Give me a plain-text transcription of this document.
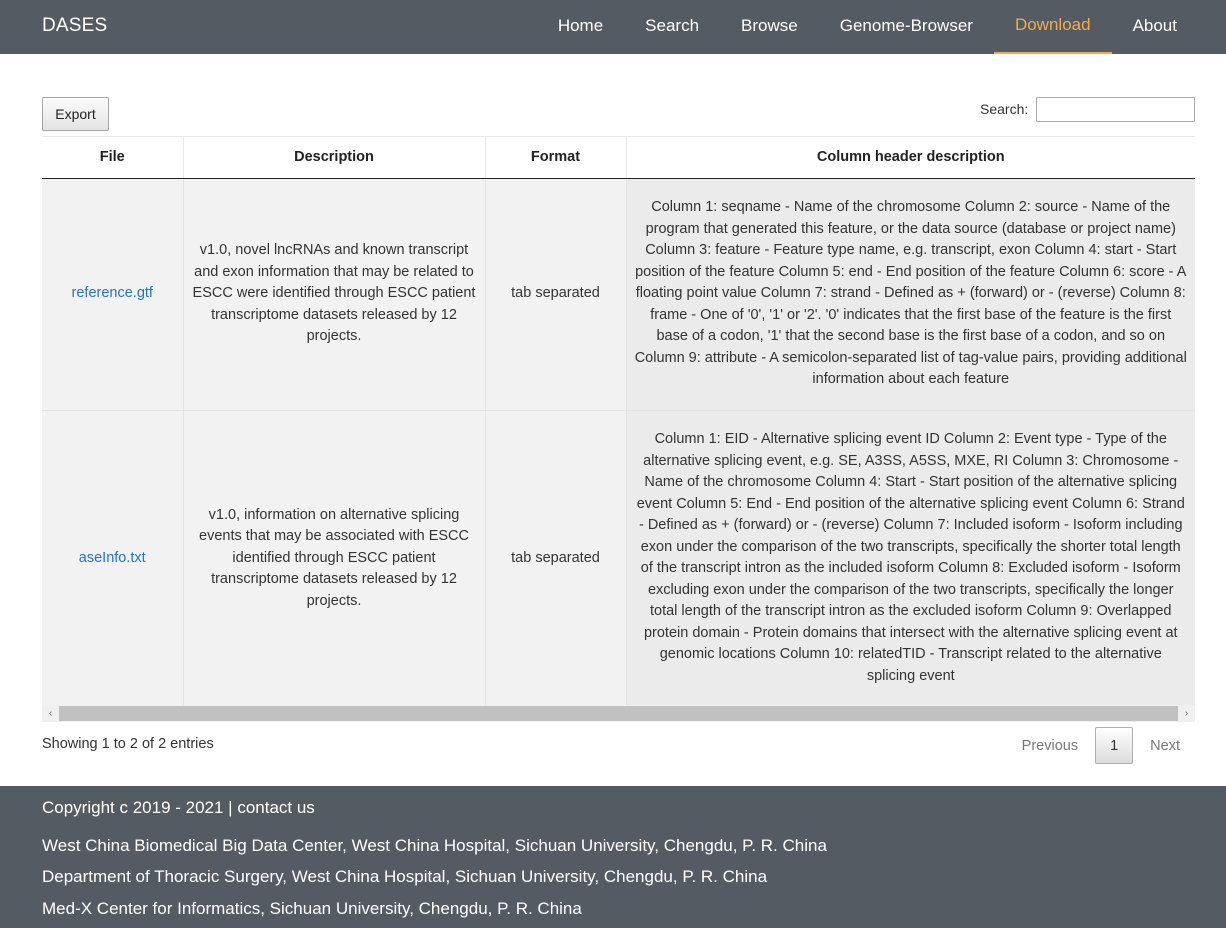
DASES	Home	Search	Browse	Genome-Browser	Download	About
Export	Search:
File	Description	Format	Column header description
reference.gtf	v1.0, novel lncRNAs and known transcript and exon information that may be related to ESCC were identified through ESCC patient transcriptome datasets released by 12 projects.	tab separated	Column 1: seqname - Name of the chromosome Column 2: source - Name of the program that generated this feature, or the data source (database or project name) Column 3: feature - Feature type name, e.g. transcript, exon Column 4: start - Start position of the feature Column 5: end - End position of the feature Column 6: score - A floating point value Column 7: strand - Defined as + (forward) or - (reverse) Column 8: frame - One of '0', '1' or '2'. '0' indicates that the first base of the feature is the first base of a codon, '1' that the second base is the first base of a codon, and so on Column 9: attribute - A semicolon-separated list of tag-value pairs, providing additional information about each feature
aseInfo.txt	v1.0, information on alternative splicing events that may be associated with ESCC identified through ESCC patient transcriptome datasets released by 12 projects.	tab separated	Column 1: EID - Alternative splicing event ID Column 2: Event type - Type of the alternative splicing event, e.g. SE, A3SS, A5SS, MXE, RI Column 3: Chromosome - Name of the chromosome Column 4: Start - Start position of the alternative splicing event Column 5: End - End position of the alternative splicing event Column 6: Strand - Defined as + (forward) or - (reverse) Column 7: Included isoform - Isoform including exon under the comparison of the two transcripts, specifically the shorter total length of the transcript intron as the included isoform Column 8: Excluded isoform - Isoform excluding exon under the comparison of the two transcripts, specifically the longer total length of the transcript intron as the excluded isoform Column 9: Overlapped protein domain - Protein domains that intersect with the alternative splicing event at genomic locations Column 10: relatedTID - Transcript related to the alternative splicing event
‹	›
Showing 1 to 2 of 2 entries	Previous	1	Next
Copyright c 2019 - 2021 | contact us
West China Biomedical Big Data Center, West China Hospital, Sichuan University, Chengdu, P. R. China
Department of Thoracic Surgery, West China Hospital, Sichuan University, Chengdu, P. R. China
Med-X Center for Informatics, Sichuan University, Chengdu, P. R. China
